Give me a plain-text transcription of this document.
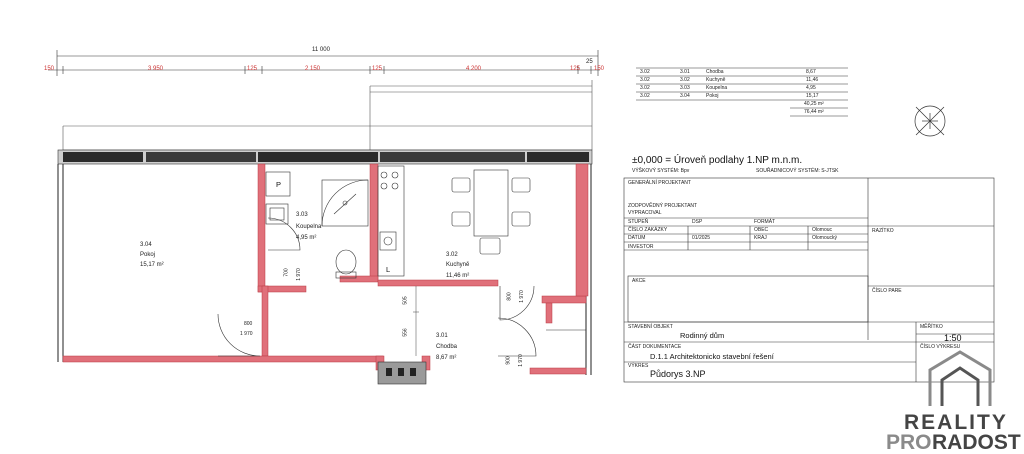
11 000
150	3 950	125	2 150	125	4 200	125 150
25
700 1 970
800
1 970
800 1 970
900 1 970
505
556
3.04
Pokoj
15,17 m²
3.03
Koupelna
4,95 m²
3.02
Kuchyně
11,46 m²
3.01
Chodba
8,67 m²
P
L
3.02	3.01	Chodba	8,67
3.02	3.02	Kuchyně	11,46
3.02	3.03	Koupelna	4,95
3.02	3.04	Pokoj	15,17
40,25 m²
76,44 m²
±0,000 = Úroveň podlahy 1.NP m.n.m.
VÝŠKOVÝ SYSTÉM: Bpv	SOUŘADNICOVÝ SYSTÉM: S-JTSK
GENERÁLNÍ PROJEKTANT
ZODPOVĚDNÝ PROJEKTANT
VYPRACOVAL
STUPEŇ	DSP	FORMÁT
ČÍSLO ZAKÁZKY	OBEC	Olomouc	RAZÍTKO
DATUM	01/2025	KRAJ	Olomoucký
INVESTOR
AKCE
ČÍSLO PARE
STAVEBNÍ OBJEKT
Rodinný dům
MĚŘÍTKO
1:50
ČÁST DOKUMENTACE
D.1.1 Architektonicko stavební řešení
ČÍSLO VÝKRESU
VÝKRES
Půdorys 3.NP
REALITY
PRO RADOST
